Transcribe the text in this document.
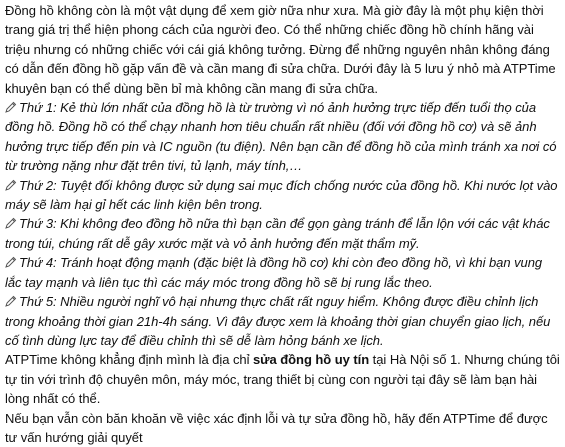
Đồng hồ không còn là một vật dụng để xem giờ nữa như xưa. Mà giờ đây là một phụ kiện thời trang giá trị thể hiện phong cách của người đeo. Có thể những chiếc đồng hồ chính hãng vài triệu nhưng có những chiếc với cái giá không tưởng. Đừng để những nguyên nhân không đáng có dẫn đến đồng hồ gặp vấn đề và cần mang đi sửa chữa. Dưới đây là 5 lưu ý nhỏ mà ATPTime khuyên bạn có thể dùng bền bỉ mà không cần mang đi sửa chữa.

Thứ 1: Kẻ thù lớn nhất của đồng hồ là từ trường vì nó ảnh hưởng trực tiếp đến tuổi thọ của đồng hồ. Đồng hồ có thể chạy nhanh hơn tiêu chuẩn rất nhiều (đối với đồng hồ cơ) và sẽ ảnh hưởng trực tiếp đến pin và IC nguồn (tu điện). Nên bạn cần để đồng hồ của mình tránh xa nơi có từ trường nặng như đặt trên tivi, tủ lạnh, máy tính,…

Thứ 2: Tuyệt đối không được sử dụng sai mục đích chống nước của đồng hồ. Khi nước lọt vào máy sẽ làm hại gỉ hết các linh kiện bên trong.

Thứ 3: Khi không đeo đồng hồ nữa thì bạn cần để gọn gàng tránh để lẫn lộn với các vật khác trong túi, chúng rất dễ gây xước mặt và vỏ ảnh hưởng đến mặt thẩm mỹ.

Thứ 4: Tránh hoạt động mạnh (đặc biệt là đồng hồ cơ) khi còn đeo đồng hồ, vì khi bạn vung lắc tay mạnh và liên tục thì các máy móc trong đồng hồ sẽ bị rung lắc theo.

Thứ 5: Nhiều người nghĩ vô hại nhưng thực chất rất nguy hiểm. Không được điều chỉnh lịch trong khoảng thời gian 21h-4h sáng. Vì đây được xem là khoảng thời gian chuyển giao lịch, nếu cố tình dùng lực tay để điều chỉnh thì sẽ dễ làm hỏng bánh xe lịch.

ATPTime không khẳng định mình là địa chỉ sửa đồng hồ uy tín tại Hà Nội số 1. Nhưng chúng tôi tự tin với trình độ chuyên môn, máy móc, trang thiết bị cùng con người tại đây sẽ làm bạn hài lòng nhất có thể.

Nếu bạn vẫn còn băn khoăn về việc xác định lỗi và tự sửa đồng hồ, hãy đến ATPTime để được tư vấn hướng giải quyết
